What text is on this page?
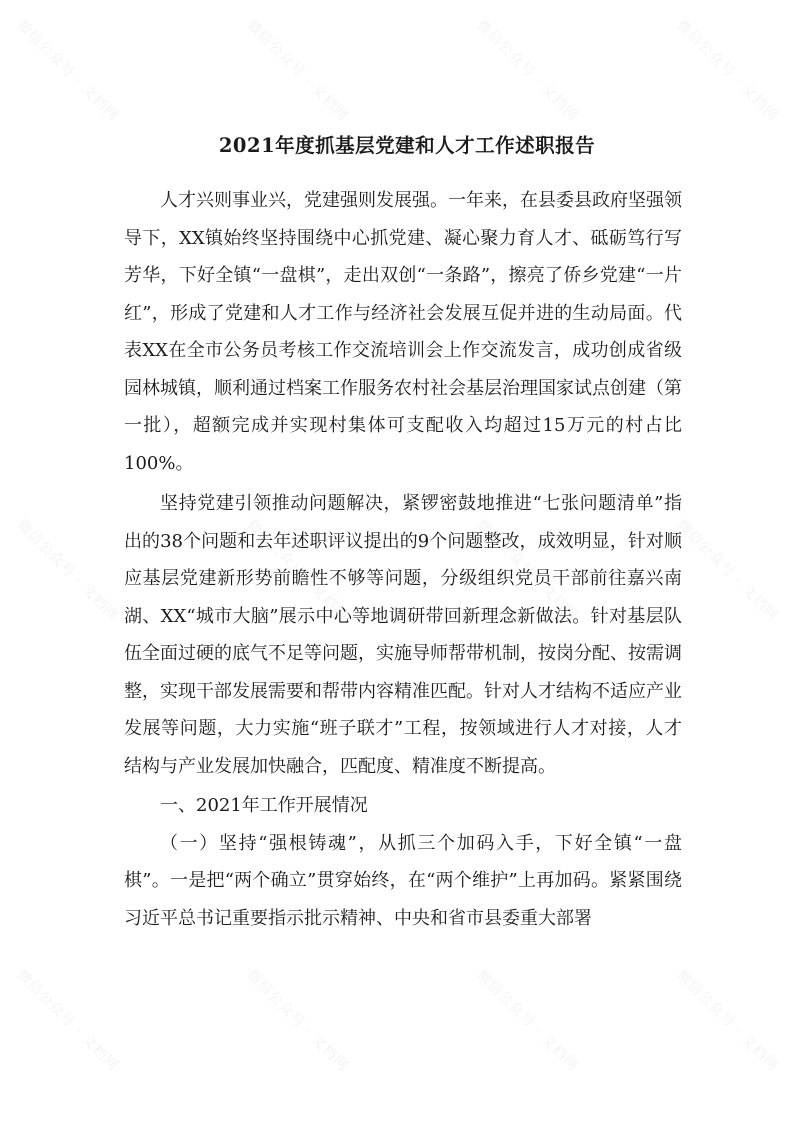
微信公众号 · 文档网	微信公众号 · 文档网	微信公众号 · 文档网	微信公众号 · 文档网
微信公众号 · 文档网	微信公众号 · 文档网	微信公众号 · 文档网	微信公众号 · 文档网
微信公众号 · 文档网	微信公众号 · 文档网	微信公众号 · 文档网	微信公众号 · 文档网
2021年度抓基层党建和人才工作述职报告

人才兴则事业兴，党建强则发展强。一年来，在县委县政府坚强领导下，XX镇始终坚持围绕中心抓党建、凝心聚力育人才、砥砺笃行写芳华，下好全镇“一盘棋”，走出双创“一条路”，擦亮了侨乡党建“一片红”，形成了党建和人才工作与经济社会发展互促并进的生动局面。代表XX在全市公务员考核工作交流培训会上作交流发言，成功创成省级园林城镇，顺利通过档案工作服务农村社会基层治理国家试点创建（第一批），超额完成并实现村集体可支配收入均超过15万元的村占比100%。

坚持党建引领推动问题解决，紧锣密鼓地推进“七张问题清单”指出的38个问题和去年述职评议提出的9个问题整改，成效明显，针对顺应基层党建新形势前瞻性不够等问题，分级组织党员干部前往嘉兴南湖、XX“城市大脑”展示中心等地调研带回新理念新做法。针对基层队伍全面过硬的底气不足等问题，实施导师帮带机制，按岗分配、按需调整，实现干部发展需要和帮带内容精准匹配。针对人才结构不适应产业发展等问题，大力实施“班子联才”工程，按领域进行人才对接，人才结构与产业发展加快融合，匹配度、精准度不断提高。

一、2021年工作开展情况

（一）坚持“强根铸魂”，从抓三个加码入手，下好全镇“一盘棋”。一是把“两个确立”贯穿始终，在“两个维护”上再加码。紧紧围绕习近平总书记重要指示批示精神、中央和省市县委重大部署
